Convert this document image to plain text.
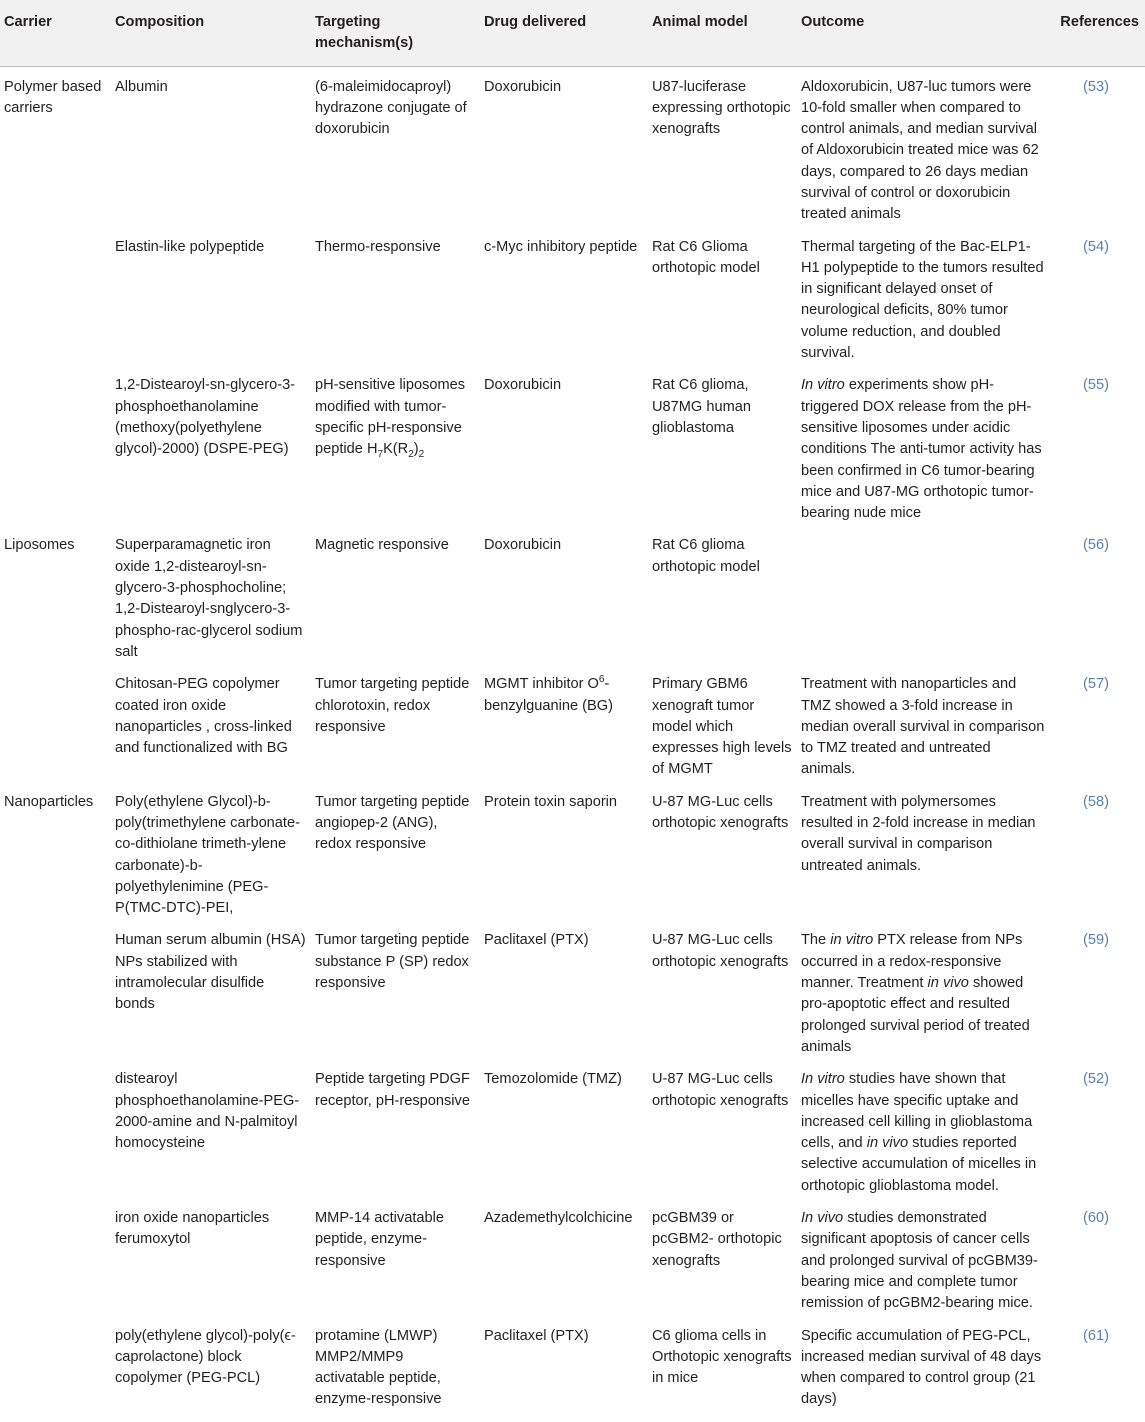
Carrier	Composition	Targeting mechanism(s)	Drug delivered	Animal model	Outcome	References
Polymer based carriers	Albumin	(6-maleimidocaproyl) hydrazone conjugate of doxorubicin	Doxorubicin	U87-luciferase expressing orthotopic xenografts	Aldoxorubicin, U87-luc tumors were 10-fold smaller when compared to control animals, and median survival of Aldoxorubicin treated mice was 62 days, compared to 26 days median survival of control or doxorubicin treated animals	(53)
	Elastin-like polypeptide	Thermo-responsive	c-Myc inhibitory peptide	Rat C6 Glioma orthotopic model	Thermal targeting of the Bac-ELP1-H1 polypeptide to the tumors resulted in significant delayed onset of neurological deficits, 80% tumor volume reduction, and doubled survival.	(54)
	1,2-Distearoyl-sn-glycero-3-phosphoethanolamine (methoxy(polyethylene glycol)-2000) (DSPE-PEG)	pH-sensitive liposomes modified with tumor-specific pH-responsive peptide $H_7K(R_2)_2$	Doxorubicin	Rat C6 glioma, U87MG human glioblastoma	In vitro experiments show pH-triggered DOX release from the pH-sensitive liposomes under acidic conditions The anti-tumor activity has been confirmed in C6 tumor-bearing mice and U87-MG orthotopic tumor-bearing nude mice	(55)
Liposomes	Superparamagnetic iron oxide 1,2-distearoyl-sn-glycero-3-phosphocholine; 1,2-Distearoyl-snglycero-3-phospho-rac-glycerol sodium salt	Magnetic responsive	Doxorubicin	Rat C6 glioma orthotopic model		(56)
	Chitosan-PEG copolymer coated iron oxide nanoparticles , cross-linked and functionalized with BG	Tumor targeting peptide chlorotoxin, redox responsive	MGMT inhibitor $O^6$-benzylguanine (BG)	Primary GBM6 xenograft tumor model which expresses high levels of MGMT	Treatment with nanoparticles and TMZ showed a 3-fold increase in median overall survival in comparison to TMZ treated and untreated animals.	(57)
Nanoparticles	Poly(ethylene Glycol)-b-poly(trimethylene carbonate-co-dithiolane trimeth-ylene carbonate)-b-polyethylenimine (PEG-P(TMC-DTC)-PEI,	Tumor targeting peptide angiopep-2 (ANG), redox responsive	Protein toxin saporin	U-87 MG-Luc cells orthotopic xenografts	Treatment with polymersomes resulted in 2-fold increase in median overall survival in comparison untreated animals.	(58)
	Human serum albumin (HSA) NPs stabilized with intramolecular disulfide bonds	Tumor targeting peptide substance P (SP) redox responsive	Paclitaxel (PTX)	U-87 MG-Luc cells orthotopic xenografts	The in vitro PTX release from NPs occurred in a redox-responsive manner. Treatment in vivo showed pro-apoptotic effect and resulted prolonged survival period of treated animals	(59)
	distearoyl phosphoethanolamine-PEG-2000-amine and N-palmitoyl homocysteine	Peptide targeting PDGF receptor, pH-responsive	Temozolomide (TMZ)	U-87 MG-Luc cells orthotopic xenografts	In vitro studies have shown that micelles have specific uptake and increased cell killing in glioblastoma cells, and in vivo studies reported selective accumulation of micelles in orthotopic glioblastoma model.	(52)
	iron oxide nanoparticles ferumoxytol	MMP-14 activatable peptide, enzyme-responsive	Azademethylcolchicine	pcGBM39 or pcGBM2- orthotopic xenografts	In vivo studies demonstrated significant apoptosis of cancer cells and prolonged survival of pcGBM39-bearing mice and complete tumor remission of pcGBM2-bearing mice.	(60)
	poly(ethylene glycol)-poly(ϵ-caprolactone) block copolymer (PEG-PCL)	protamine (LMWP) MMP2/MMP9 activatable peptide, enzyme-responsive	Paclitaxel (PTX)	C6 glioma cells in Orthotopic xenografts in mice	Specific accumulation of PEG-PCL, increased median survival of 48 days when compared to control group (21 days)	(61)
